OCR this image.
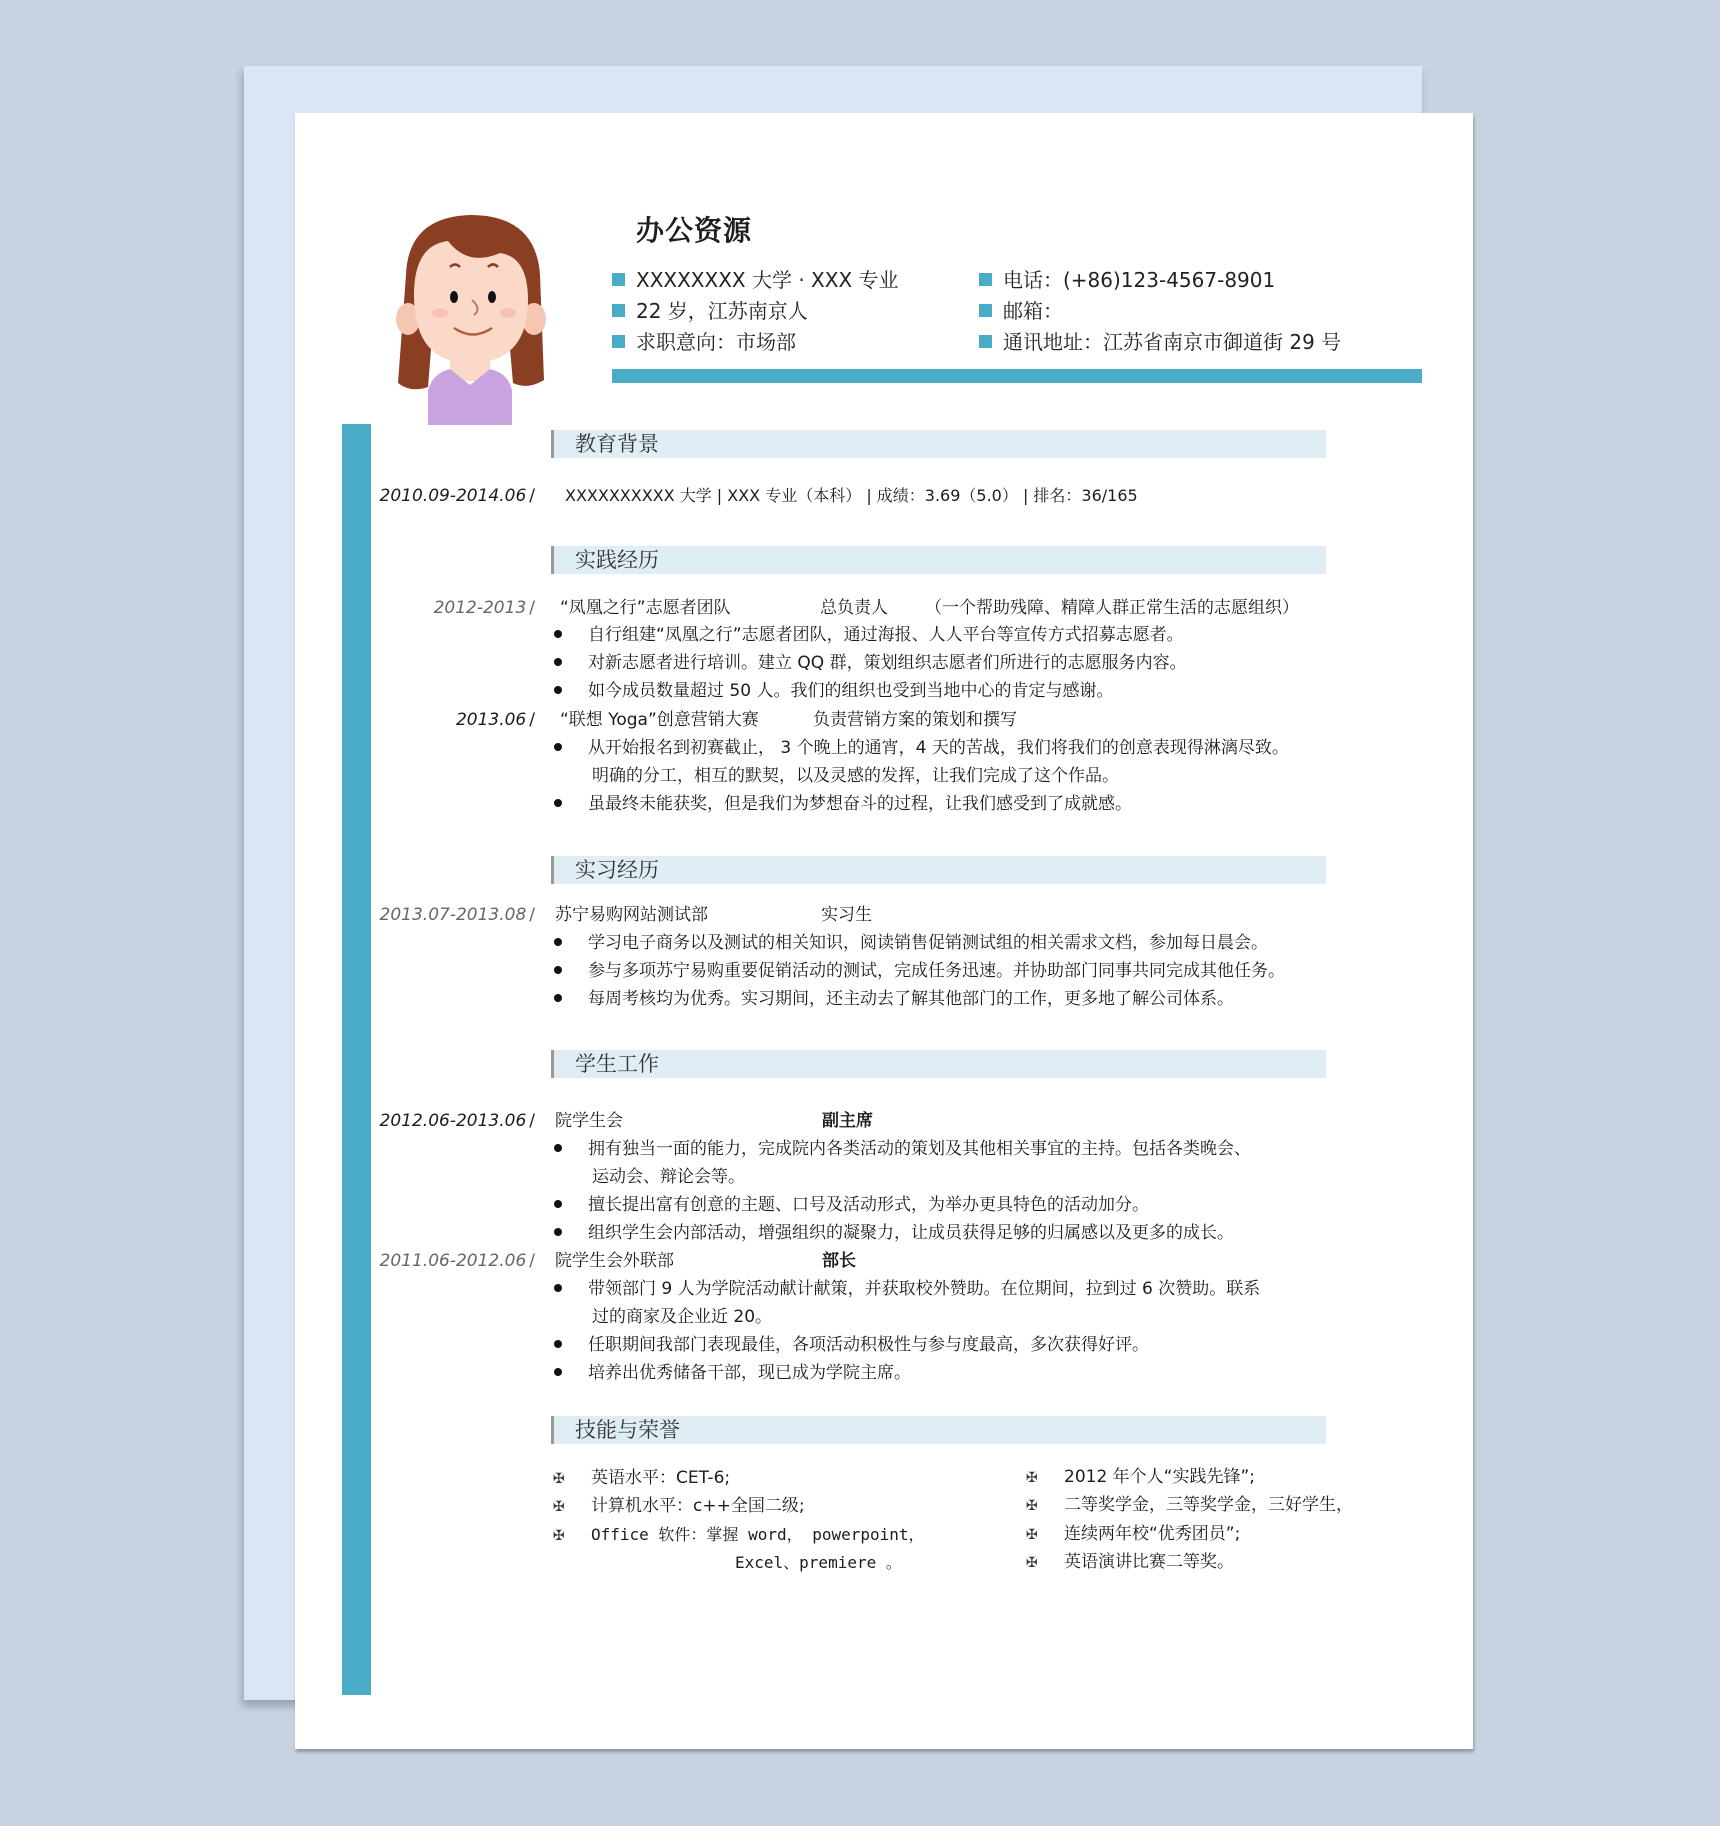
办公资源
XXXXXXXX 大学 · XXX 专业
22 岁，江苏南京人
求职意向：市场部
电话：(+86)123-4567-8901
邮箱：
通讯地址：江苏省南京市御道街 29 号
教育背景
2010.09-2014.06 /	XXXXXXXXXX 大学 | XXX 专业（本科） | 成绩：3.69（5.0） | 排名：36/165
实践经历
2012-2013 /	“凤凰之行”志愿者团队	总负责人 （一个帮助残障、精障人群正常生活的志愿组织）
自行组建“凤凰之行”志愿者团队，通过海报、人人平台等宣传方式招募志愿者。
对新志愿者进行培训。建立 QQ 群，策划组织志愿者们所进行的志愿服务内容。
如今成员数量超过 50 人。我们的组织也受到当地中心的肯定与感谢。
2013.06 /	“联想 Yoga”创意营销大赛	负责营销方案的策划和撰写
从开始报名到初赛截止， 3 个晚上的通宵，4 天的苦战，我们将我们的创意表现得淋漓尽致。
明确的分工，相互的默契，以及灵感的发挥，让我们完成了这个作品。
虽最终未能获奖，但是我们为梦想奋斗的过程，让我们感受到了成就感。
实习经历
2013.07-2013.08 /	苏宁易购网站测试部	实习生
学习电子商务以及测试的相关知识，阅读销售促销测试组的相关需求文档，参加每日晨会。
参与多项苏宁易购重要促销活动的测试，完成任务迅速。并协助部门同事共同完成其他任务。
每周考核均为优秀。实习期间，还主动去了解其他部门的工作，更多地了解公司体系。
学生工作
2012.06-2013.06 /	院学生会	副主席
拥有独当一面的能力，完成院内各类活动的策划及其他相关事宜的主持。包括各类晚会、
运动会、辩论会等。
擅长提出富有创意的主题、口号及活动形式，为举办更具特色的活动加分。
组织学生会内部活动，增强组织的凝聚力，让成员获得足够的归属感以及更多的成长。
2011.06-2012.06 /	院学生会外联部	部长
带领部门 9 人为学院活动献计献策，并获取校外赞助。在位期间，拉到过 6 次赞助。联系
过的商家及企业近 20。
任职期间我部门表现最佳，各项活动积极性与参与度最高，多次获得好评。
培养出优秀储备干部，现已成为学院主席。
技能与荣誉
✠ 英语水平：CET-6;
✠ 计算机水平：c++全国二级;
✠ Office 软件：掌握 word， powerpoint，
Excel、premiere 。
✠ 2012 年个人“实践先锋”;
✠ 二等奖学金，三等奖学金，三好学生，
✠ 连续两年校“优秀团员”;
✠ 英语演讲比赛二等奖。
